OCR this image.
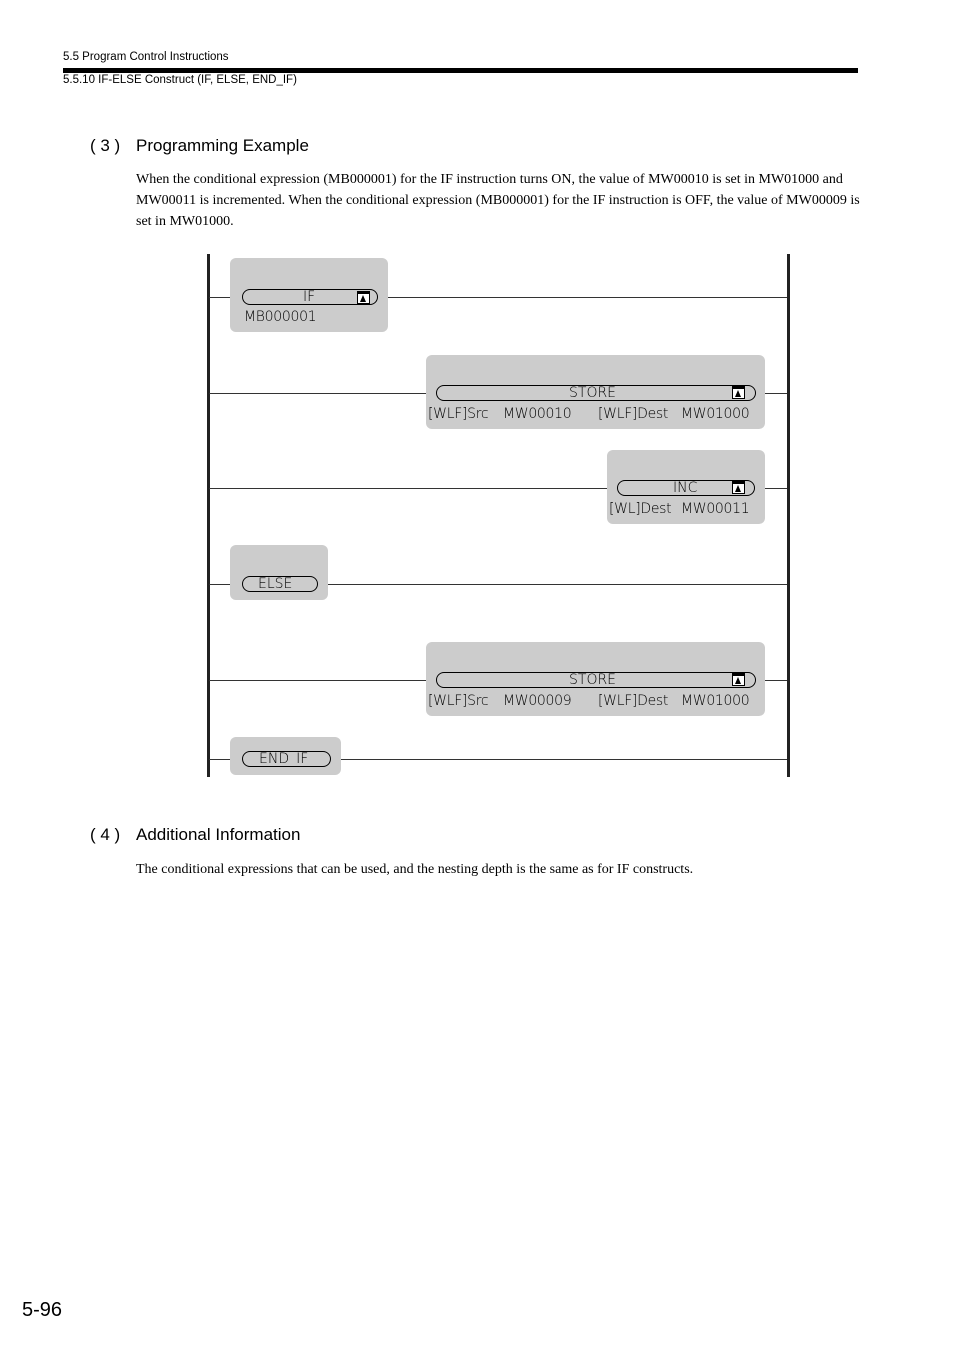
5.5 Program Control Instructions
5.5.10 IF-ELSE Construct (IF, ELSE, END_IF)
( 3 ) Programming Example
When the conditional expression (MB000001) for the IF instruction turns ON, the value of MW00010 is set in MW01000 and MW00011 is incremented. When the conditional expression (MB000001) for the IF instruction is OFF, the value of MW00009 is set in MW01000.
IF
MB000001
STORE
[WLF]Src MW00010 [WLF]Dest MW01000
INC
[WL]Dest MW00011
ELSE
STORE
[WLF]Src MW00009 [WLF]Dest MW01000
END_IF
( 4 ) Additional Information
The conditional expressions that can be used, and the nesting depth is the same as for IF constructs.
5-96
